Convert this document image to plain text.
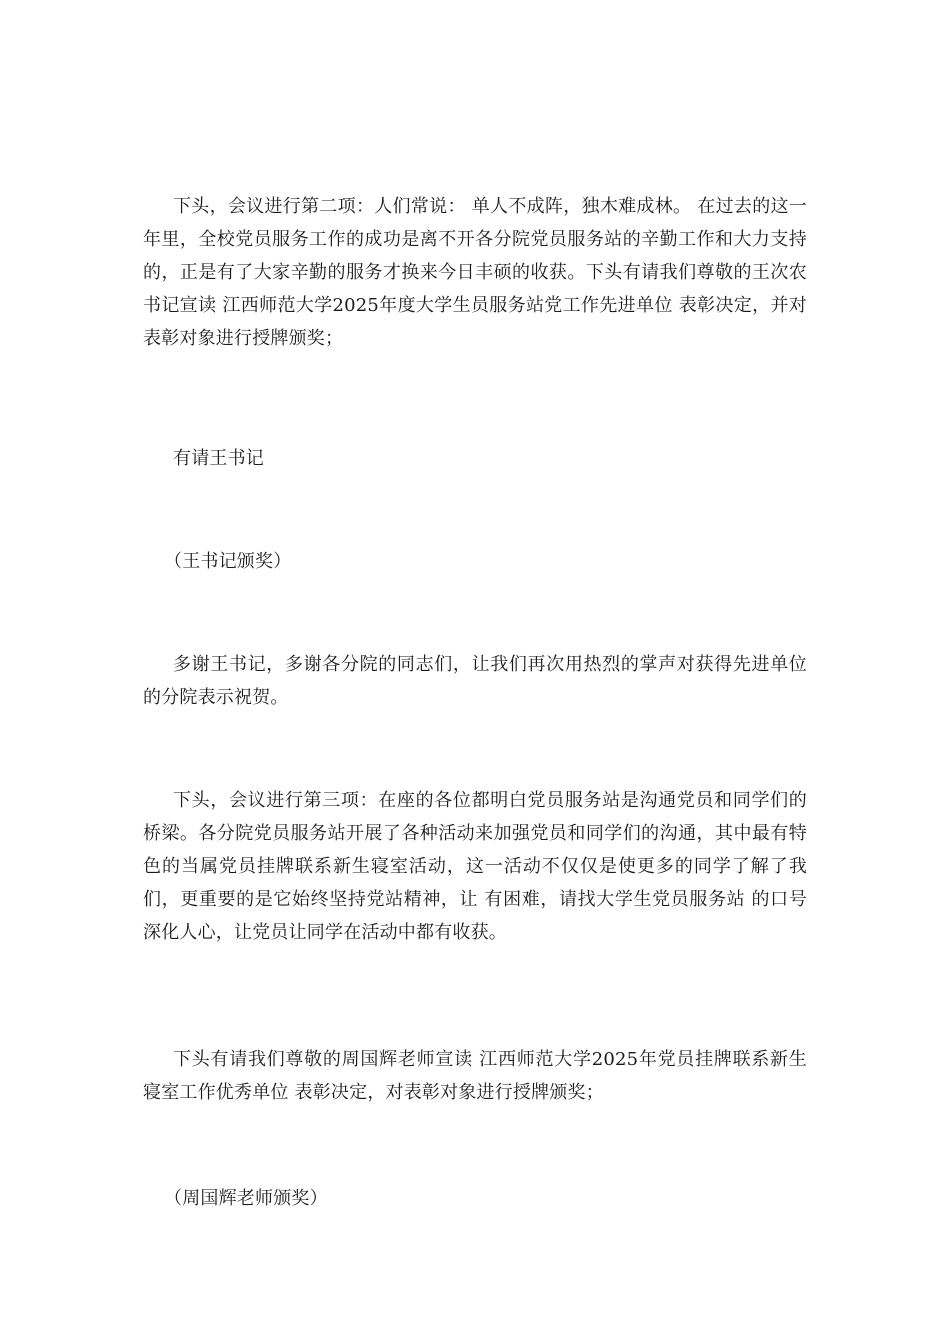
下头，会议进行第二项：人们常说： 单人不成阵，独木难成林。 在过去的这一年里，全校党员服务工作的成功是离不开各分院党员服务站的辛勤工作和大力支持的，正是有了大家辛勤的服务才换来今日丰硕的收获。下头有请我们尊敬的王次农书记宣读 江西师范大学2025年度大学生员服务站党工作先进单位 表彰决定，并对表彰对象进行授牌颁奖；

有请王书记

（王书记颁奖）

多谢王书记，多谢各分院的同志们，让我们再次用热烈的掌声对获得先进单位的分院表示祝贺。

下头，会议进行第三项：在座的各位都明白党员服务站是沟通党员和同学们的桥梁。各分院党员服务站开展了各种活动来加强党员和同学们的沟通，其中最有特色的当属党员挂牌联系新生寝室活动，这一活动不仅仅是使更多的同学了解了我们，更重要的是它始终坚持党站精神，让 有困难，请找大学生党员服务站 的口号深化人心，让党员让同学在活动中都有收获。

下头有请我们尊敬的周国辉老师宣读 江西师范大学2025年党员挂牌联系新生寝室工作优秀单位 表彰决定，对表彰对象进行授牌颁奖；

（周国辉老师颁奖）
